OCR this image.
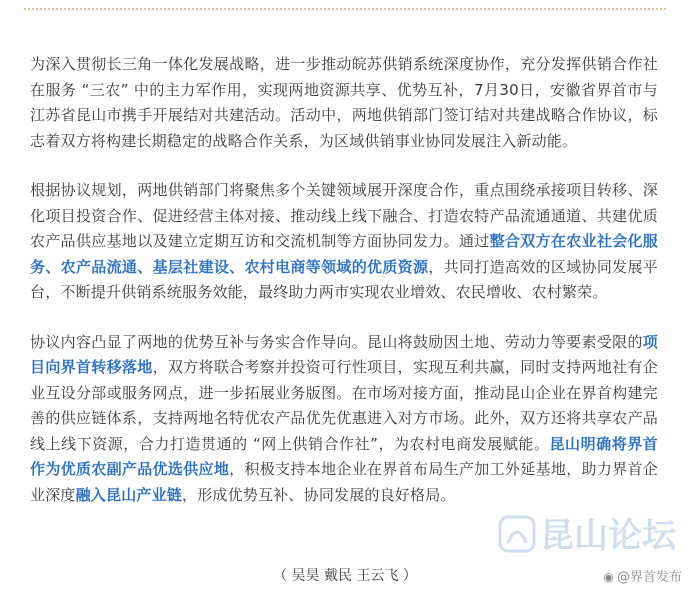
为深入贯彻长三角一体化发展战略，进一步推动皖苏供销系统深度协作，充分发挥供销合作社在服务 “三农” 中的主力军作用，实现两地资源共享、优势互补，7月30日，安徽省界首市与江苏省昆山市携手开展结对共建活动。活动中，两地供销部门签订结对共建战略合作协议，标志着双方将构建长期稳定的战略合作关系，为区域供销事业协同发展注入新动能。

根据协议规划，两地供销部门将聚焦多个关键领域展开深度合作，重点围绕承接项目转移、深化项目投资合作、促进经营主体对接、推动线上线下融合、打造农特产品流通通道、共建优质农产品供应基地以及建立定期互访和交流机制等方面协同发力。通过整合双方在农业社会化服务、农产品流通、基层社建设、农村电商等领域的优质资源，共同打造高效的区域协同发展平台，不断提升供销系统服务效能，最终助力两市实现农业增效、农民增收、农村繁荣。

协议内容凸显了两地的优势互补与务实合作导向。昆山将鼓励因土地、劳动力等要素受限的项目向界首转移落地，双方将联合考察并投资可行性项目，实现互利共赢，同时支持两地社有企业互设分部或服务网点，进一步拓展业务版图。在市场对接方面，推动昆山企业在界首构建完善的供应链体系，支持两地名特优农产品优先优惠进入对方市场。此外，双方还将共享农产品线上线下资源，合力打造贯通的 “网上供销合作社”，为农村电商发展赋能。昆山明确将界首作为优质农副产品优选供应地，积极支持本地企业在界首布局生产加工外延基地，助力界首企业深度融入昆山产业链，形成优势互补、协同发展的良好格局。

（ 吴昊 戴民 王云飞 ）
昆山论坛
◉ @界首发布
